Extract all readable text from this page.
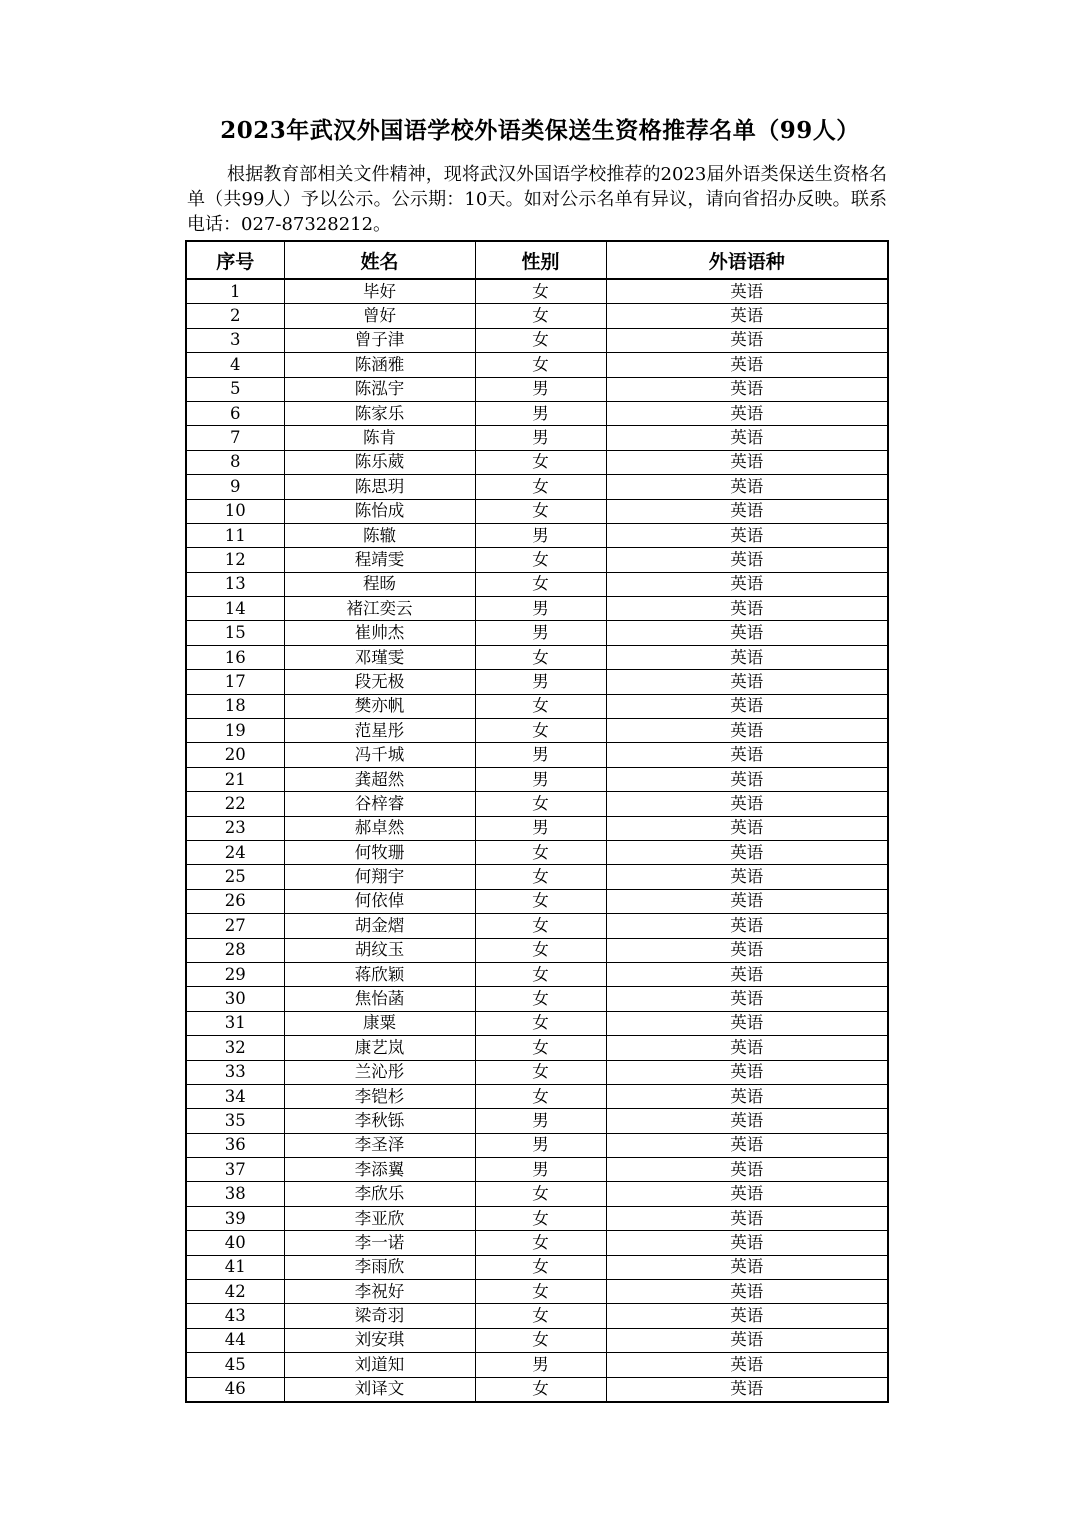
2023年武汉外国语学校外语类保送生资格推荐名单（99人）

根据教育部相关文件精神，现将武汉外国语学校推荐的2023届外语类保送生资格名单（共99人）予以公示。公示期：10天。如对公示名单有异议，请向省招办反映。联系电话：027-87328212。

序号	姓名	性别	外语语种
1	毕好	女	英语
2	曾好	女	英语
3	曾子津	女	英语
4	陈涵雅	女	英语
5	陈泓宇	男	英语
6	陈家乐	男	英语
7	陈肯	男	英语
8	陈乐葳	女	英语
9	陈思玥	女	英语
10	陈怡成	女	英语
11	陈辙	男	英语
12	程靖雯	女	英语
13	程旸	女	英语
14	褚江奕云	男	英语
15	崔帅杰	男	英语
16	邓瑾雯	女	英语
17	段无极	男	英语
18	樊亦帆	女	英语
19	范星彤	女	英语
20	冯千城	男	英语
21	龚超然	男	英语
22	谷梓睿	女	英语
23	郝卓然	男	英语
24	何牧珊	女	英语
25	何翔宇	女	英语
26	何依倬	女	英语
27	胡金熠	女	英语
28	胡纹玉	女	英语
29	蒋欣颖	女	英语
30	焦怡菡	女	英语
31	康粟	女	英语
32	康艺岚	女	英语
33	兰沁彤	女	英语
34	李铠杉	女	英语
35	李秋铄	男	英语
36	李圣泽	男	英语
37	李添翼	男	英语
38	李欣乐	女	英语
39	李亚欣	女	英语
40	李一诺	女	英语
41	李雨欣	女	英语
42	李祝好	女	英语
43	梁奇羽	女	英语
44	刘安琪	女	英语
45	刘道知	男	英语
46	刘译文	女	英语
